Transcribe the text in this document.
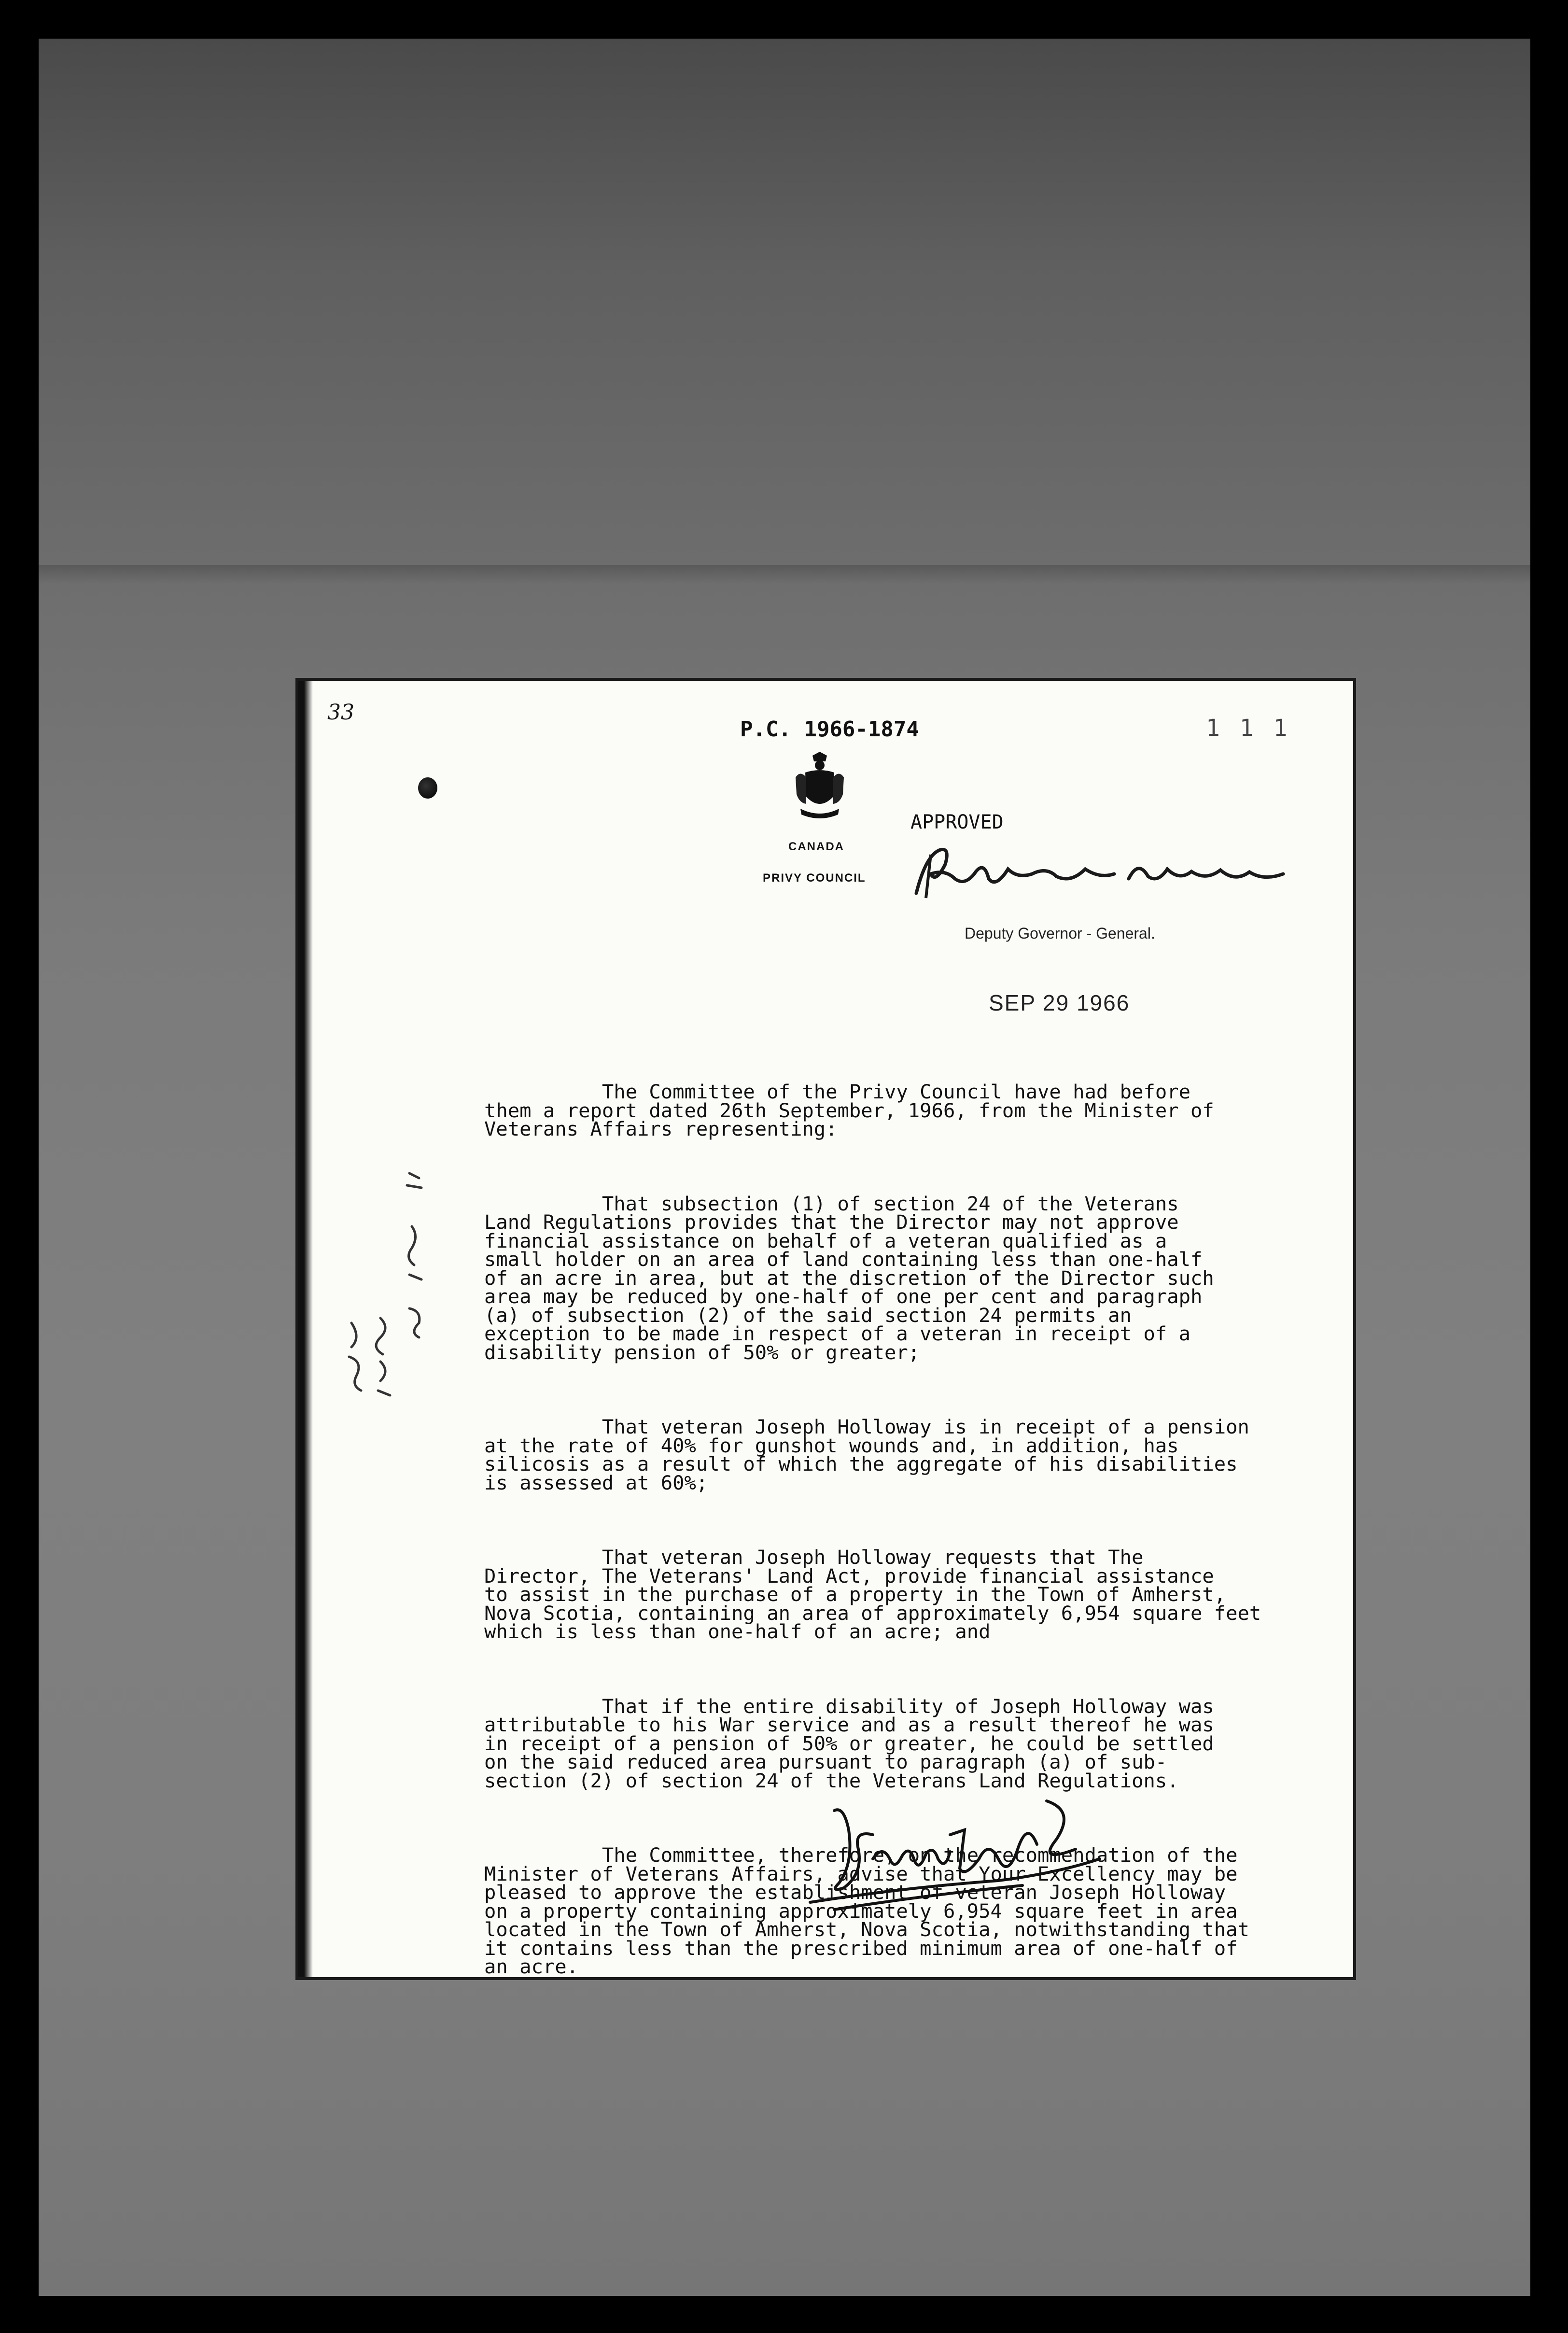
33
P.C. 1966-1874	1 1 1
CANADA
PRIVY COUNCIL
APPROVED
Deputy Governor - General.
SEP 29 1966

The Committee of the Privy Council have had before
them a report dated 26th September, 1966, from the Minister of
Veterans Affairs representing:

That subsection (1) of section 24 of the Veterans
Land Regulations provides that the Director may not approve
financial assistance on behalf of a veteran qualified as a
small holder on an area of land containing less than one-half
of an acre in area, but at the discretion of the Director such
area may be reduced by one-half of one per cent and paragraph
(a) of subsection (2) of the said section 24 permits an
exception to be made in respect of a veteran in receipt of a
disability pension of 50% or greater;

That veteran Joseph Holloway is in receipt of a pension
at the rate of 40% for gunshot wounds and, in addition, has
silicosis as a result of which the aggregate of his disabilities
is assessed at 60%;

That veteran Joseph Holloway requests that The
Director, The Veterans' Land Act, provide financial assistance
to assist in the purchase of a property in the Town of Amherst,
Nova Scotia, containing an area of approximately 6,954 square feet
which is less than one-half of an acre; and

That if the entire disability of Joseph Holloway was
attributable to his War service and as a result thereof he was
in receipt of a pension of 50% or greater, he could be settled
on the said reduced area pursuant to paragraph (a) of sub-
section (2) of section 24 of the Veterans Land Regulations.

The Committee, therefore, on the recommendation of the
Minister of Veterans Affairs, advise that Your Excellency may be
pleased to approve the establishment of veteran Joseph Holloway
on a property containing approximately 6,954 square feet in area
located in the Town of Amherst, Nova Scotia, notwithstanding that
it contains less than the prescribed minimum area of one-half of
an acre.
